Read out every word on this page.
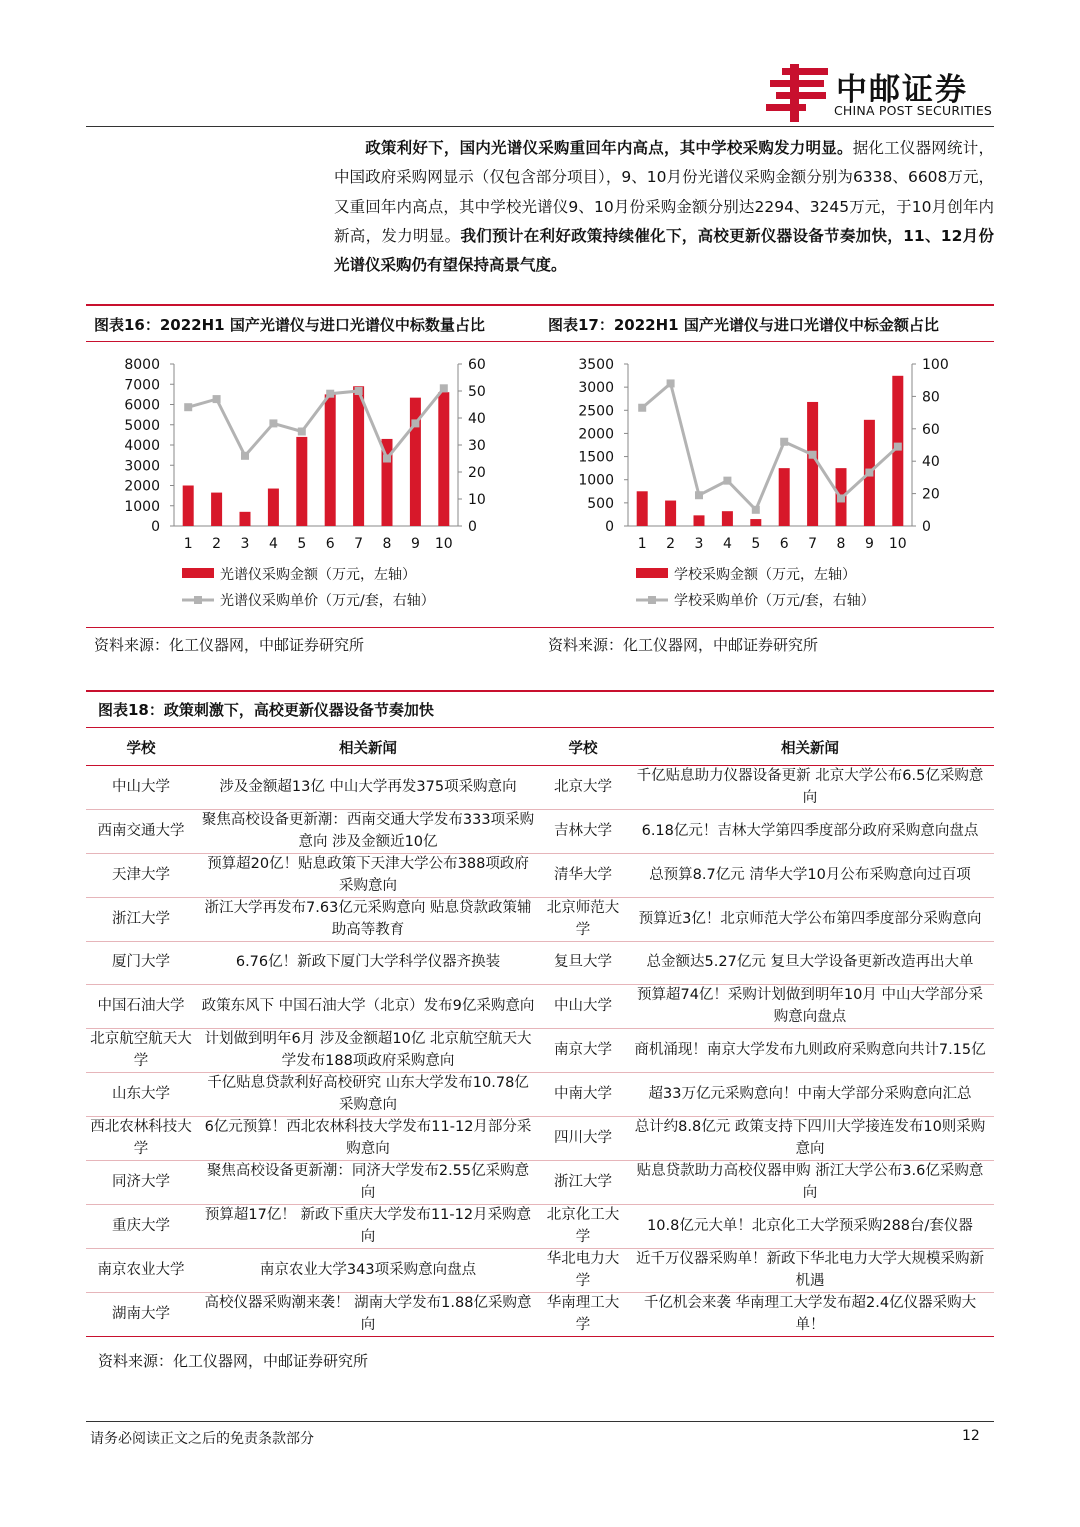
中邮证券
CHINA POST SECURITIES
政策利好下，国内光谱仪采购重回年内高点，其中学校采购发力明显。据化工仪器网统计，中国政府采购网显示（仅包含部分项目），9、10月份光谱仪采购金额分别为6338、6608万元，又重回年内高点，其中学校光谱仪9、10月份采购金额分别达2294、3245万元，于10月创年内新高，发力明显。我们预计在利好政策持续催化下，高校更新仪器设备节奏加快，11、12月份光谱仪采购仍有望保持高景气度。
图表16：2022H1 国产光谱仪与进口光谱仪中标数量占比	图表17：2022H1 国产光谱仪与进口光谱仪中标金额占比
0
1000
2000
3000
4000
5000
6000
7000
8000
0
10
20
30
40
50
60
1 2 3 4 5 6 7 8 9 10
光谱仪采购金额（万元，左轴）
光谱仪采购单价（万元/套，右轴）
0
500
1000
1500
2000
2500
3000
3500
0
20
40
60
80
100
1 2 3 4 5 6 7 8 9 10
学校采购金额（万元，左轴）
学校采购单价（万元/套，右轴）
资料来源：化工仪器网，中邮证券研究所	资料来源：化工仪器网，中邮证券研究所
图表18：政策刺激下，高校更新仪器设备节奏加快
学校	相关新闻	学校	相关新闻
中山大学	涉及金额超13亿 中山大学再发375项采购意向	北京大学	千亿贴息助力仪器设备更新 北京大学公布6.5亿采购意向
西南交通大学	聚焦高校设备更新潮：西南交通大学发布333项采购意向 涉及金额近10亿	吉林大学	6.18亿元！吉林大学第四季度部分政府采购意向盘点
天津大学	预算超20亿！贴息政策下天津大学公布388项政府采购意向	清华大学	总预算8.7亿元 清华大学10月公布采购意向过百项
浙江大学	浙江大学再发布7.63亿元采购意向 贴息贷款政策辅助高等教育	北京师范大学	预算近3亿！北京师范大学公布第四季度部分采购意向
厦门大学	6.76亿！新政下厦门大学科学仪器齐换装	复旦大学	总金额达5.27亿元 复旦大学设备更新改造再出大单
中国石油大学	政策东风下 中国石油大学（北京）发布9亿采购意向	中山大学	预算超74亿！采购计划做到明年10月 中山大学部分采购意向盘点
北京航空航天大学	计划做到明年6月 涉及金额超10亿 北京航空航天大学发布188项政府采购意向	南京大学	商机涌现！南京大学发布九则政府采购意向共计7.15亿
山东大学	千亿贴息贷款利好高校研究 山东大学发布10.78亿采购意向	中南大学	超33万亿元采购意向！中南大学部分采购意向汇总
西北农林科技大学	6亿元预算！西北农林科技大学发布11-12月部分采购意向	四川大学	总计约8.8亿元 政策支持下四川大学接连发布10则采购意向
同济大学	聚焦高校设备更新潮：同济大学发布2.55亿采购意向	浙江大学	贴息贷款助力高校仪器申购 浙江大学公布3.6亿采购意向
重庆大学	预算超17亿！ 新政下重庆大学发布11-12月采购意向	北京化工大学	10.8亿元大单！北京化工大学预采购288台/套仪器
南京农业大学	南京农业大学343项采购意向盘点	华北电力大学	近千万仪器采购单！新政下华北电力大学大规模采购新机遇
湖南大学	高校仪器采购潮来袭！ 湖南大学发布1.88亿采购意向	华南理工大学	千亿机会来袭 华南理工大学发布超2.4亿仪器采购大单！
资料来源：化工仪器网，中邮证券研究所
请务必阅读正文之后的免责条款部分	12
